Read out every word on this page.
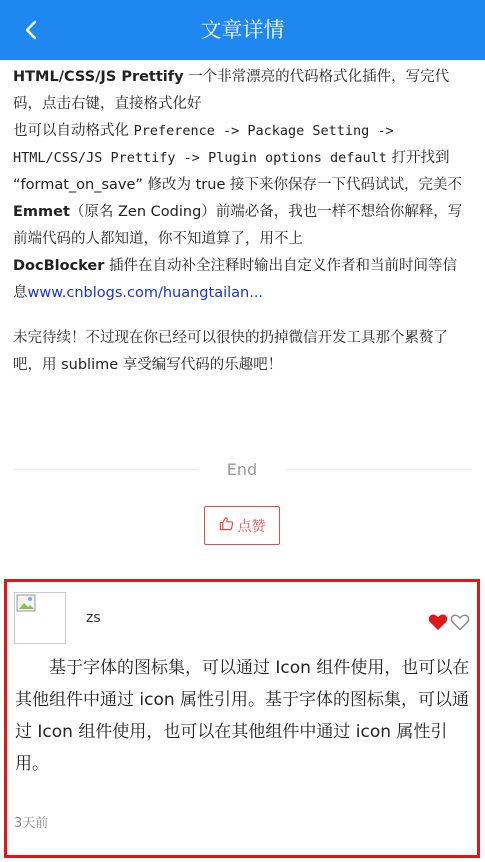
文章详情

HTML/CSS/JS Prettify 一个非常漂亮的代码格式化插件，写完代码，点击右键，直接格式化好

也可以自动格式化 Preference -> Package Setting -> HTML/CSS/JS Prettify -> Plugin options default 打开找到 “format_on_save” 修改为 true 接下来你保存一下代码试试，完美不

Emmet（原名 Zen Coding）前端必备，我也一样不想给你解释，写前端代码的人都知道，你不知道算了，用不上

DocBlocker 插件在自动补全注释时输出自定义作者和当前时间等信息www.cnblogs.com/huangtailan...

未完待续！不过现在你已经可以很快的扔掉微信开发工具那个累赘了吧，用 sublime 享受编写代码的乐趣吧！

End
点赞
zs
基于字体的图标集，可以通过 Icon 组件使用，也可以在其他组件中通过 icon 属性引用。基于字体的图标集，可以通过 Icon 组件使用，也可以在其他组件中通过 icon 属性引用。
3天前
